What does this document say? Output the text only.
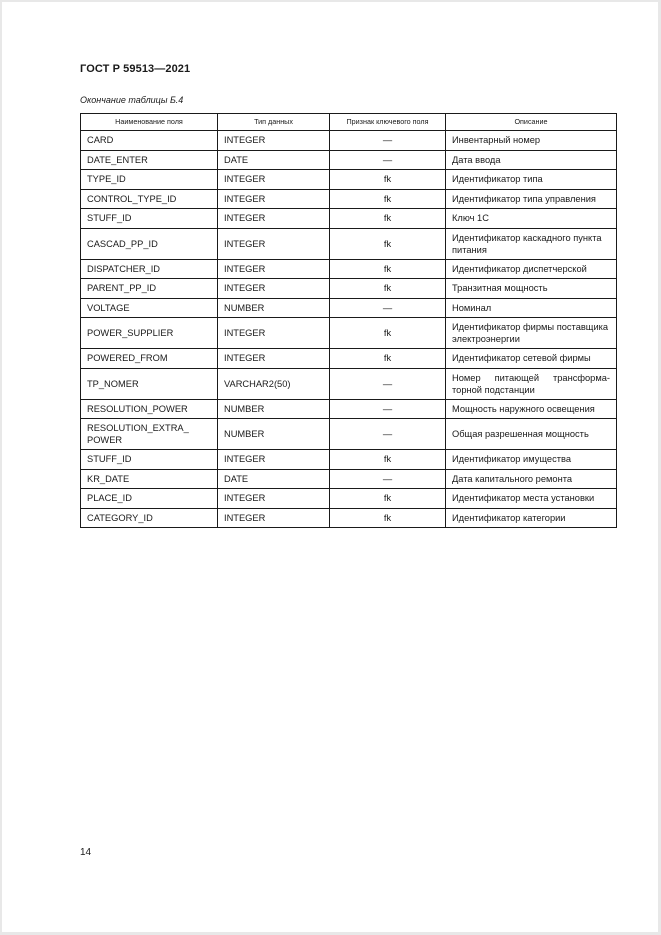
ГОСТ Р 59513—2021
Окончание таблицы Б.4
Наименование поля	Тип данных	Признак ключевого поля	Описание
CARD	INTEGER	—	Инвентарный номер
DATE_ENTER	DATE	—	Дата ввода
TYPE_ID	INTEGER	fk	Идентификатор типа
CONTROL_TYPE_ID	INTEGER	fk	Идентификатор типа управления
STUFF_ID	INTEGER	fk	Ключ 1С
CASCAD_PP_ID	INTEGER	fk	Идентификатор каскадного пункта питания
DISPATCHER_ID	INTEGER	fk	Идентификатор диспетчерской
PARENT_PP_ID	INTEGER	fk	Транзитная мощность
VOLTAGE	NUMBER	—	Номинал
POWER_SUPPLIER	INTEGER	fk	Идентификатор фирмы поставщика электроэнергии
POWERED_FROM	INTEGER	fk	Идентификатор сетевой фирмы
TP_NOMER	VARCHAR2(50)	—	Номер питающей трансформа-торной подстанции
RESOLUTION_POWER	NUMBER	—	Мощность наружного освещения
RESOLUTION_EXTRA_ POWER	NUMBER	—	Общая разрешенная мощность
STUFF_ID	INTEGER	fk	Идентификатор имущества
KR_DATE	DATE	—	Дата капитального ремонта
PLACE_ID	INTEGER	fk	Идентификатор места установки
CATEGORY_ID	INTEGER	fk	Идентификатор категории
14
